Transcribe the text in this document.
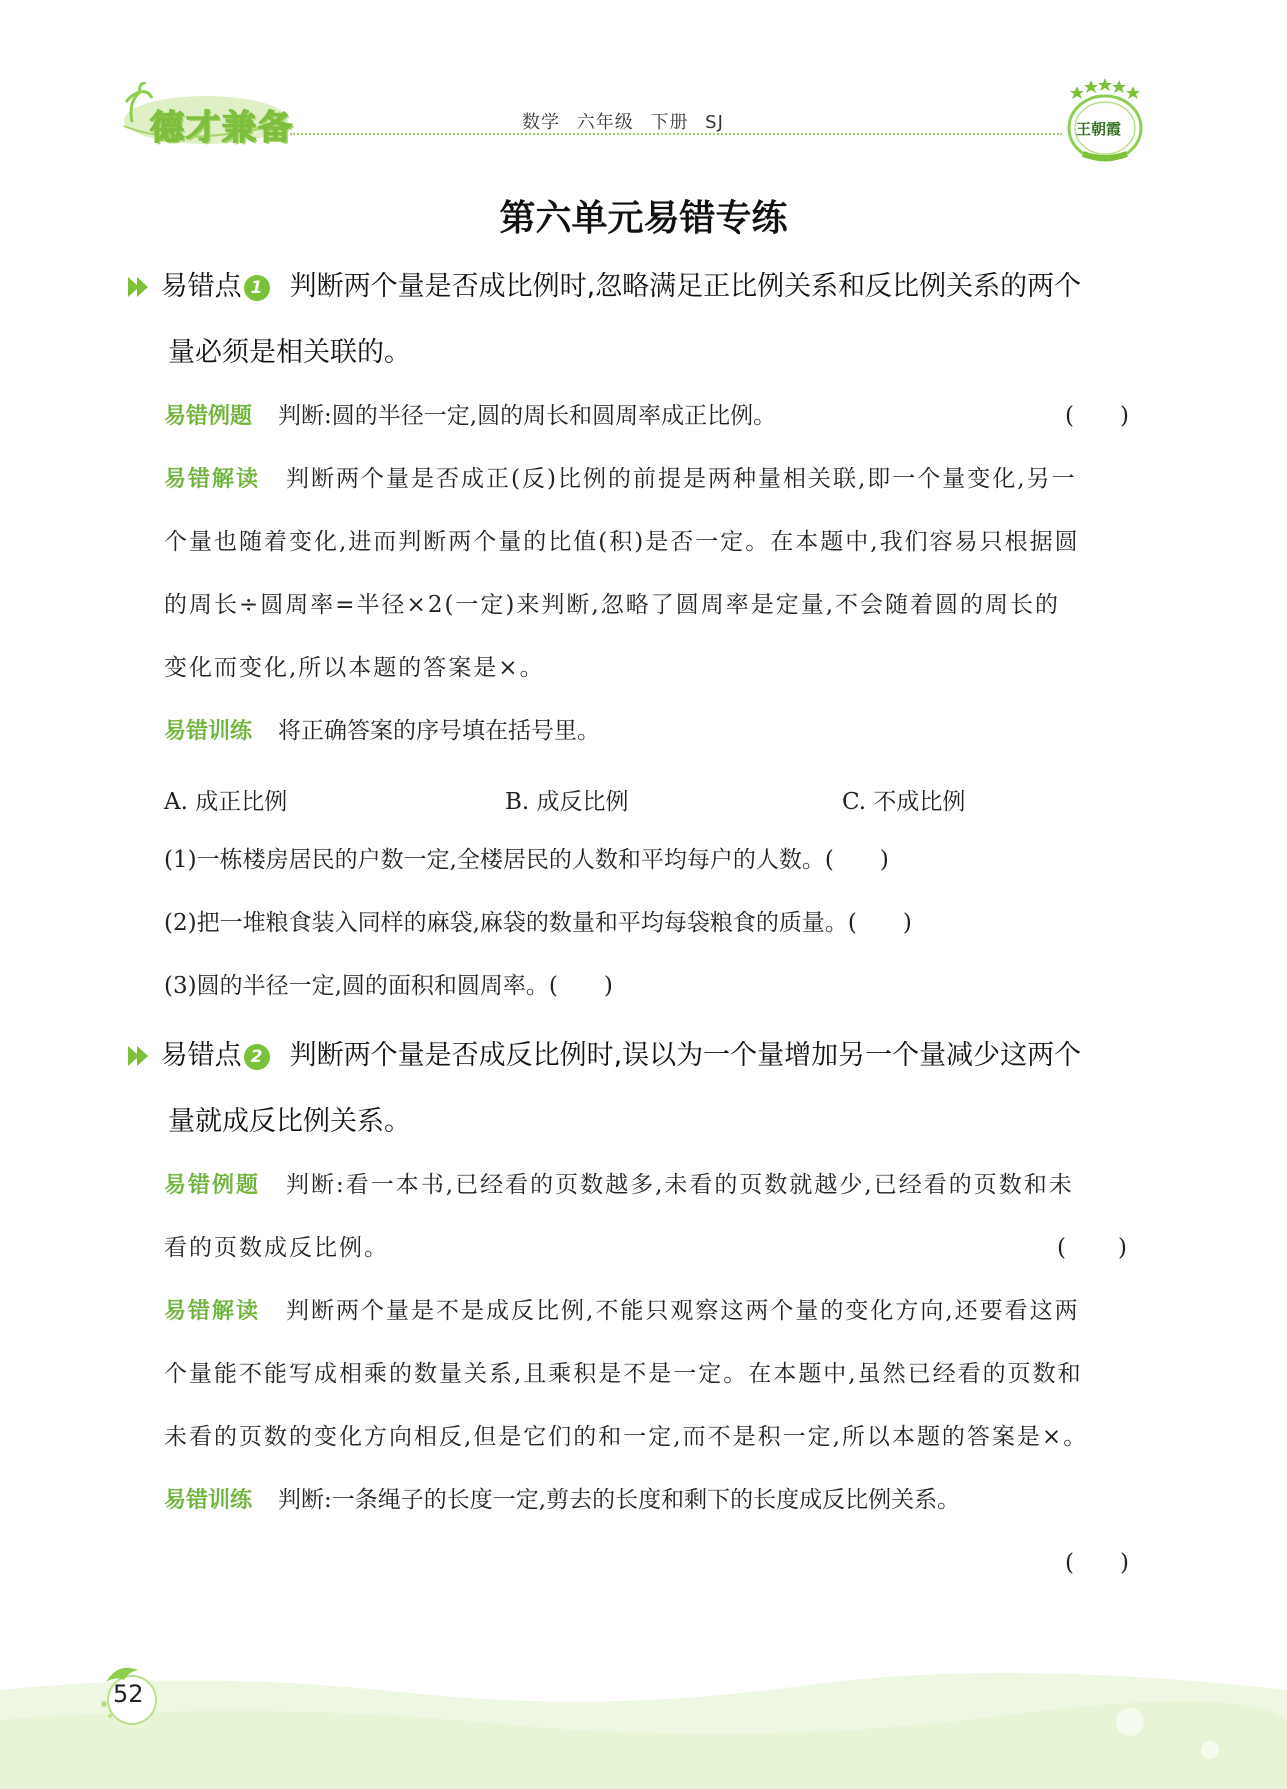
德才兼备	数学 六年级 下册 SJ	王朝霞
第六单元易错专练
易错点 1 判断两个量是否成比例时,忽略满足正比例关系和反比例关系的两个
量必须是相关联的。
易错例题 判断:圆的半径一定,圆的周长和圆周率成正比例。	(　　)
易错解读 判断两个量是否成正(反)比例的前提是两种量相关联,即一个量变化,另一
个量也随着变化,进而判断两个量的比值(积)是否一定。在本题中,我们容易只根据圆
的周长÷圆周率=半径×2(一定)来判断,忽略了圆周率是定量,不会随着圆的周长的
变化而变化,所以本题的答案是×。
易错训练 将正确答案的序号填在括号里。
A. 成正比例	B. 成反比例	C. 不成比例
(1)一栋楼房居民的户数一定,全楼居民的人数和平均每户的人数。(　　)
(2)把一堆粮食装入同样的麻袋,麻袋的数量和平均每袋粮食的质量。(　　)
(3)圆的半径一定,圆的面积和圆周率。(　　)
易错点 2 判断两个量是否成反比例时,误以为一个量增加另一个量减少这两个
量就成反比例关系。
易错例题 判断:看一本书,已经看的页数越多,未看的页数就越少,已经看的页数和未
看的页数成反比例。	(　　)
易错解读 判断两个量是不是成反比例,不能只观察这两个量的变化方向,还要看这两
个量能不能写成相乘的数量关系,且乘积是不是一定。在本题中,虽然已经看的页数和
未看的页数的变化方向相反,但是它们的和一定,而不是积一定,所以本题的答案是×。
易错训练 判断:一条绳子的长度一定,剪去的长度和剩下的长度成反比例关系。
(　　)
52
